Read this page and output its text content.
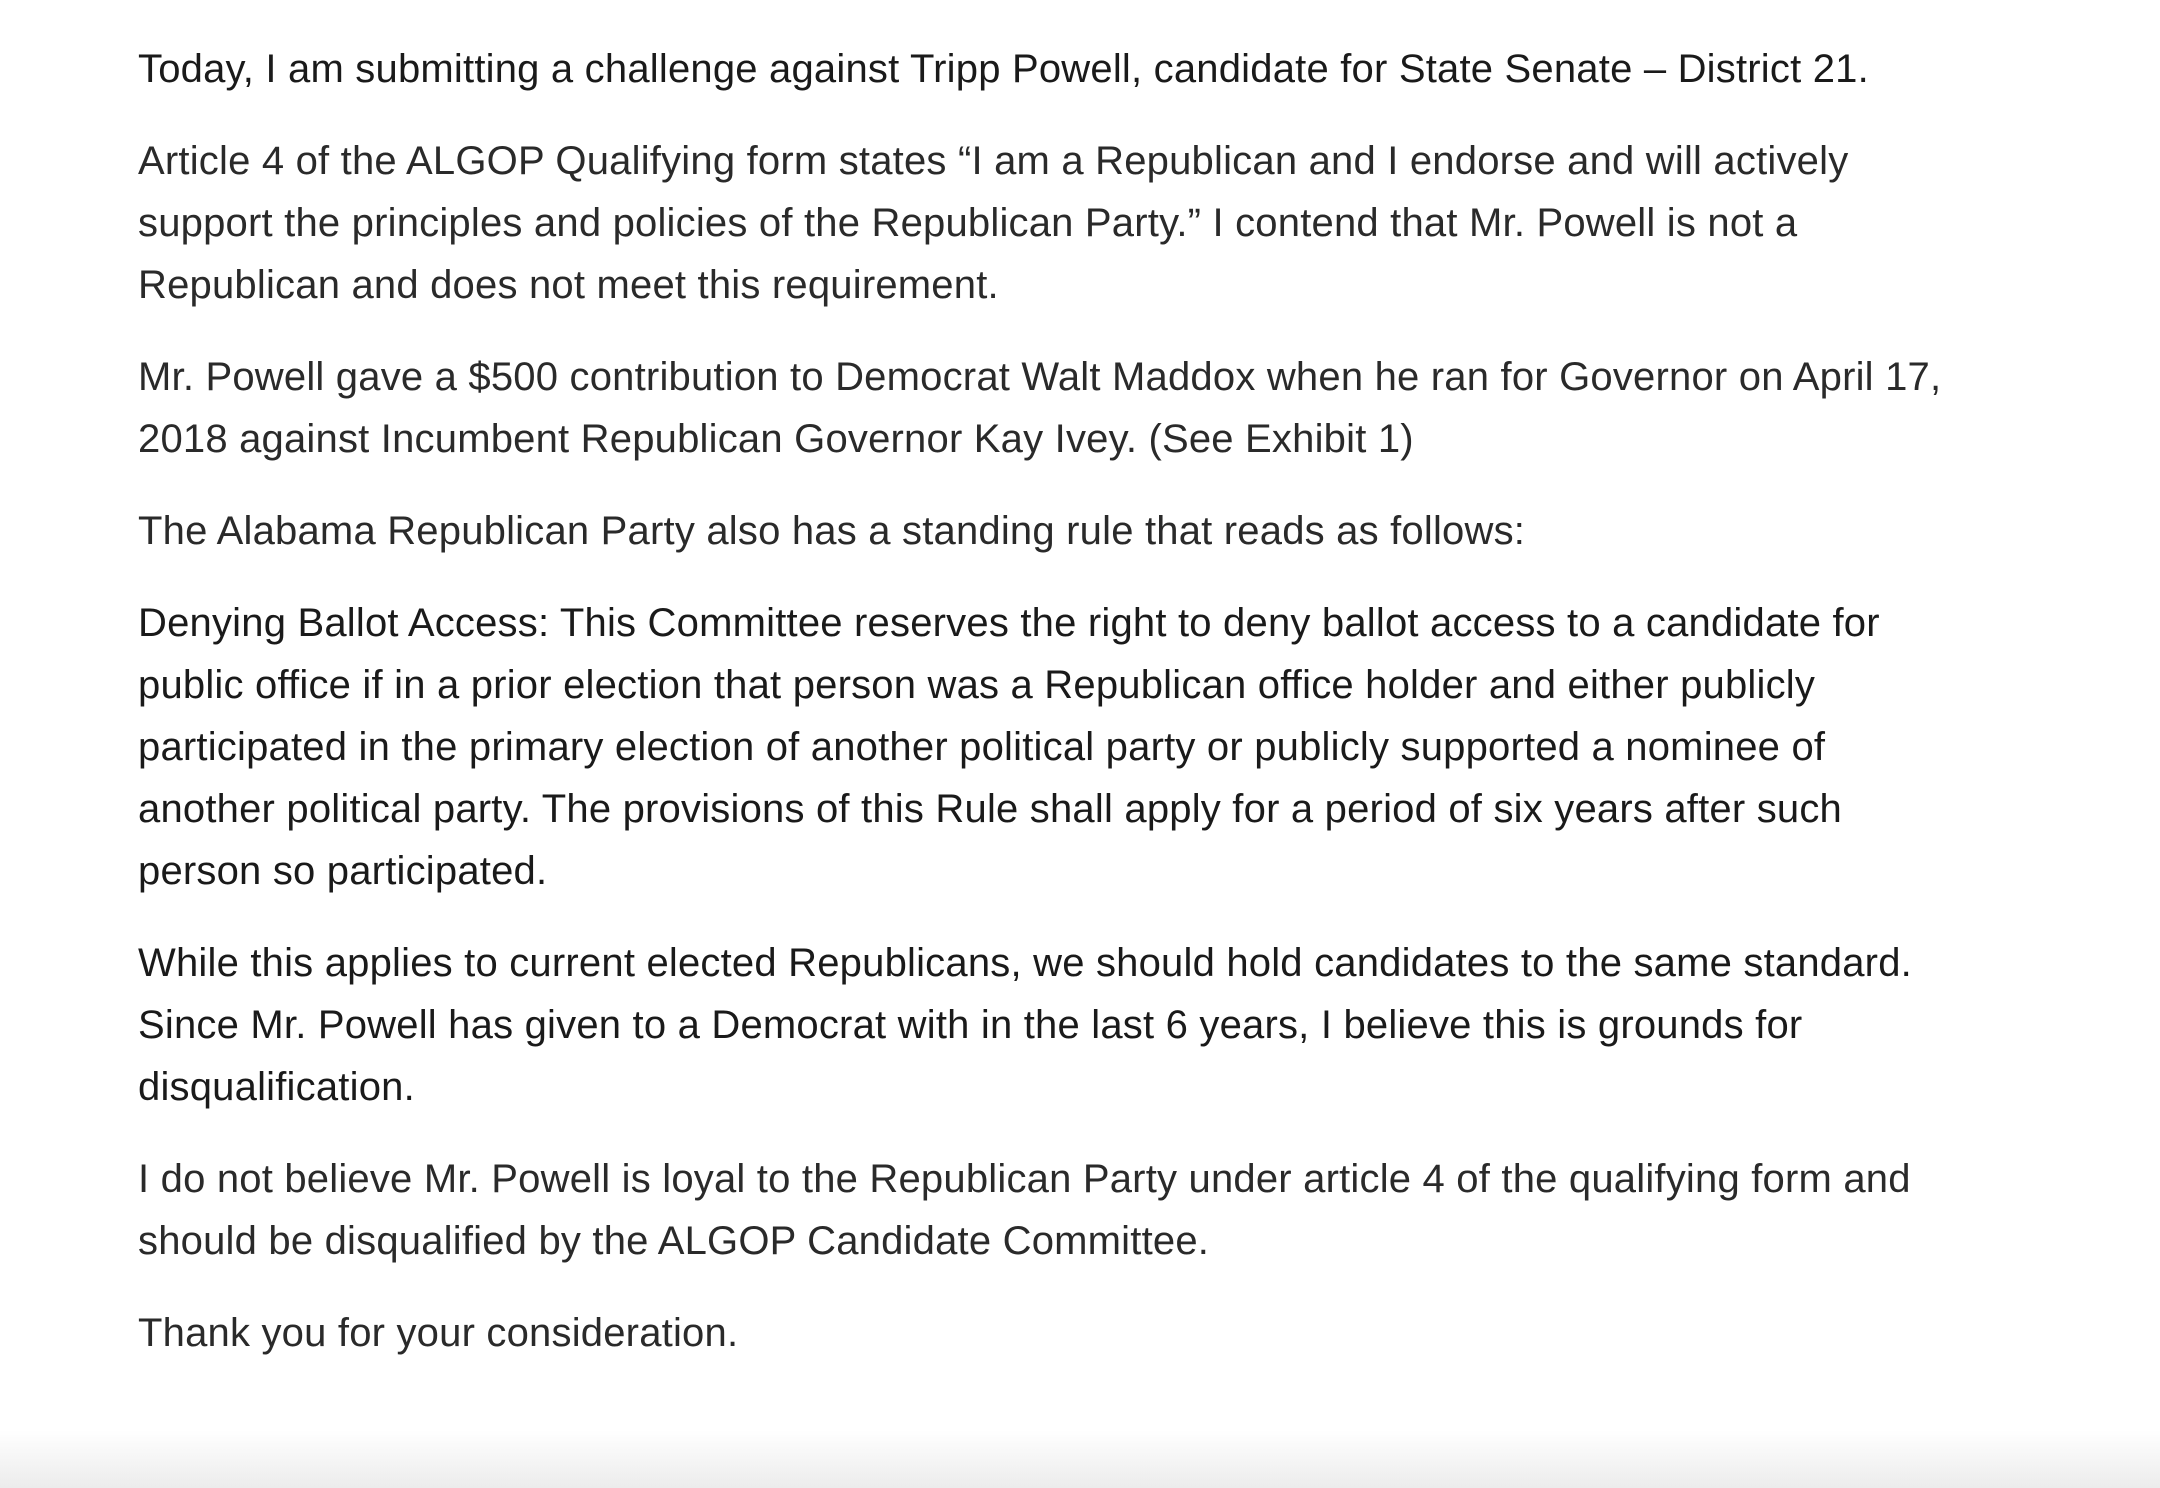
Today, I am submitting a challenge against Tripp Powell, candidate for State Senate – District 21.

Article 4 of the ALGOP Qualifying form states “I am a Republican and I endorse and will actively support the principles and policies of the Republican Party.” I contend that Mr. Powell is not a Republican and does not meet this requirement.

Mr. Powell gave a $500 contribution to Democrat Walt Maddox when he ran for Governor on April 17, 2018 against Incumbent Republican Governor Kay Ivey. (See Exhibit 1)

The Alabama Republican Party also has a standing rule that reads as follows:

Denying Ballot Access: This Committee reserves the right to deny ballot access to a candidate for public office if in a prior election that person was a Republican office holder and either publicly participated in the primary election of another political party or publicly supported a nominee of another political party. The provisions of this Rule shall apply for a period of six years after such person so participated.

While this applies to current elected Republicans, we should hold candidates to the same standard. Since Mr. Powell has given to a Democrat with in the last 6 years, I believe this is grounds for disqualification.

I do not believe Mr. Powell is loyal to the Republican Party under article 4 of the qualifying form and should be disqualified by the ALGOP Candidate Committee.

Thank you for your consideration.
